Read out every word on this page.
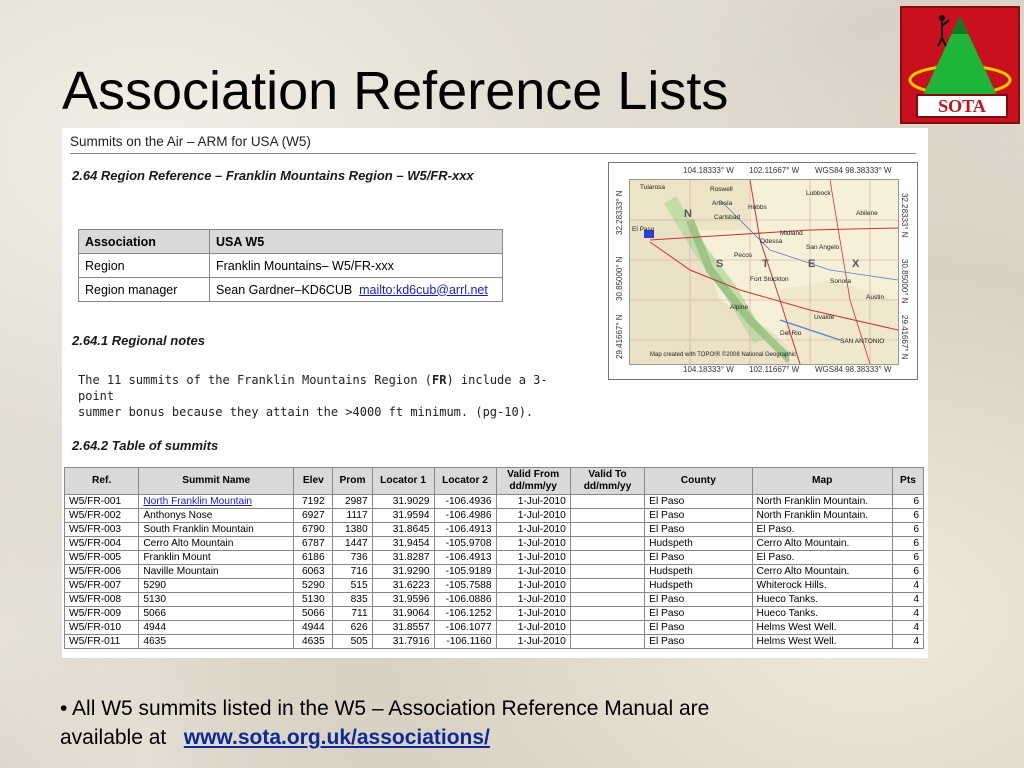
Association Reference Lists	SOTA
Summits on the Air – ARM for USA (W5)
2.64 Region Reference – Franklin Mountains Region – W5/FR-xxx
Association	USA W5
Region	Franklin Mountains– W5/FR-xxx
Region manager	Sean Gardner–KD6CUB mailto:kd6cub@arrl.net
2.64.1 Regional notes
The 11 summits of the Franklin Mountains Region (FR) include a 3-point
summer bonus because they attain the >4000 ft minimum. (pg-10).
2.64.2 Table of summits
104.18333° W 102.11667° W WGS84 98.38333° W
104.18333° W 102.11667° W WGS84 98.38333° W
32.28333° N
30.85000° N
29.41667° N
32.28333° N
30.85000° N
29.41667° N
N
S	T	E	X
Tularosa	Roswell
Artesia
Carlsbad
Hobbs
Lubbock
Midland
Odessa
El Paso
Pecos
San Angelo
Alpine
Abilene
Del Rio
SAN ANTONIO
Austin
Sonora
Uvalde
Fort Stockton
Map created with TOPO!® ©2008 National Geographic
Ref.	Summit Name	Elev	Prom	Locator 1	Locator 2	Valid From dd/mm/yy	Valid To dd/mm/yy	County	Map	Pts
W5/FR-001	North Franklin Mountain	7192	2987	31.9029	-106.4936	1-Jul-2010		El Paso	North Franklin Mountain.	6
W5/FR-002	Anthonys Nose	6927	1117	31.9594	-106.4986	1-Jul-2010		El Paso	North Franklin Mountain.	6
W5/FR-003	South Franklin Mountain	6790	1380	31.8645	-106.4913	1-Jul-2010		El Paso	El Paso.	6
W5/FR-004	Cerro Alto Mountain	6787	1447	31.9454	-105.9708	1-Jul-2010		Hudspeth	Cerro Alto Mountain.	6
W5/FR-005	Franklin Mount	6186	736	31.8287	-106.4913	1-Jul-2010		El Paso	El Paso.	6
W5/FR-006	Naville Mountain	6063	716	31.9290	-105.9189	1-Jul-2010		Hudspeth	Cerro Alto Mountain.	6
W5/FR-007	5290	5290	515	31.6223	-105.7588	1-Jul-2010		Hudspeth	Whiterock Hills.	4
W5/FR-008	5130	5130	835	31.9596	-106.0886	1-Jul-2010		El Paso	Hueco Tanks.	4
W5/FR-009	5066	5066	711	31.9064	-106.1252	1-Jul-2010		El Paso	Hueco Tanks.	4
W5/FR-010	4944	4944	626	31.8557	-106.1077	1-Jul-2010		El Paso	Helms West Well.	4
W5/FR-011	4635	4635	505	31.7916	-106.1160	1-Jul-2010		El Paso	Helms West Well.	4
• All W5 summits listed in the W5 – Association Reference Manual are
available at www.sota.org.uk/associations/
